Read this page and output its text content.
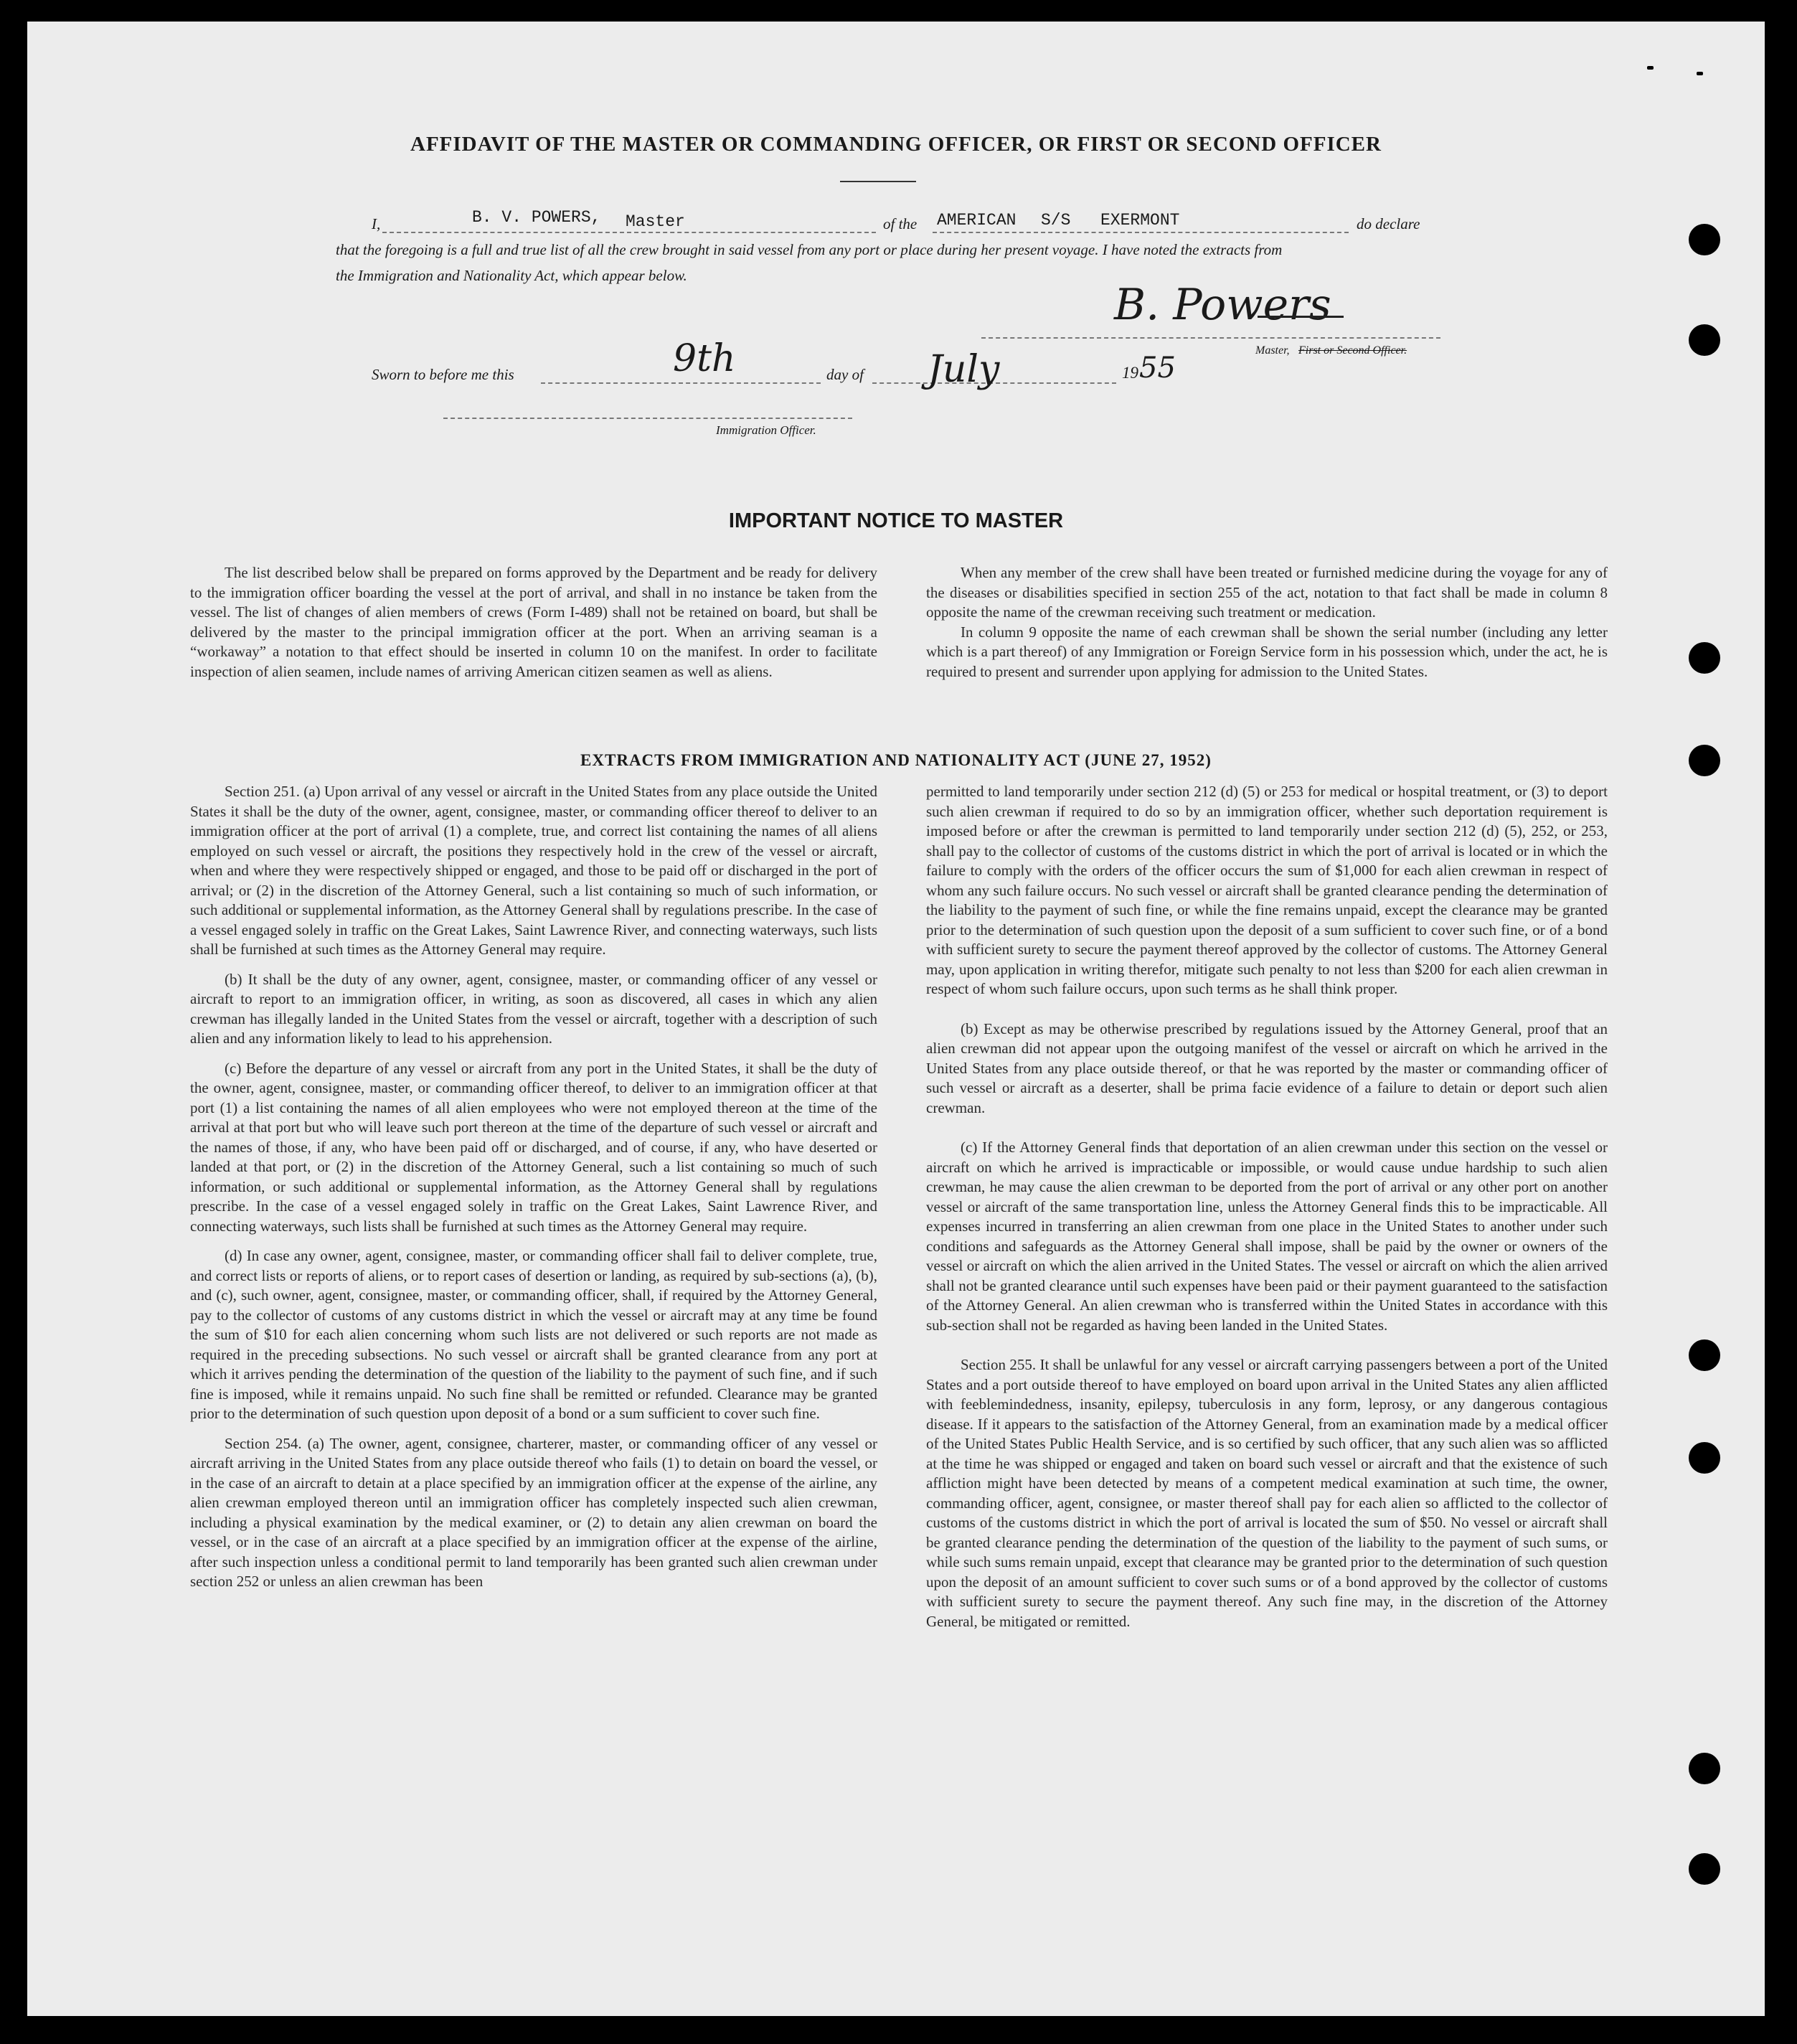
AFFIDAVIT OF THE MASTER OR COMMANDING OFFICER, OR FIRST OR SECOND OFFICER
I,	B. V. POWERS, Master	of the AMERICAN S/S EXERMONT	do declare
that the foregoing is a full and true list of all the crew brought in said vessel from any port or place during her present voyage. I have noted the extracts from
the Immigration and Nationality Act, which appear below.
B. Powers
Master, First or Second Officer.
Sworn to before me this	9th	day of July	19 55
Immigration Officer.
IMPORTANT NOTICE TO MASTER

The list described below shall be prepared on forms approved by the Department and be ready for delivery to the immigration officer boarding the vessel at the port of arrival, and shall in no instance be taken from the vessel. The list of changes of alien members of crews (Form I-489) shall not be retained on board, but shall be delivered by the master to the principal immigration officer at the port. When an arriving seaman is a “workaway” a notation to that effect should be inserted in column 10 on the manifest. In order to facilitate inspection of alien seamen, include names of arriving American citizen seamen as well as aliens.

When any member of the crew shall have been treated or furnished medicine during the voyage for any of the diseases or disabilities specified in section 255 of the act, notation to that fact shall be made in column 8 opposite the name of the crewman receiving such treatment or medication.

In column 9 opposite the name of each crewman shall be shown the serial number (including any letter which is a part thereof) of any Immigration or Foreign Service form in his possession which, under the act, he is required to present and surrender upon applying for admission to the United States.

EXTRACTS FROM IMMIGRATION AND NATIONALITY ACT (JUNE 27, 1952)

Section 251. (a) Upon arrival of any vessel or aircraft in the United States from any place outside the United States it shall be the duty of the owner, agent, consignee, master, or commanding officer thereof to deliver to an immigration officer at the port of arrival (1) a complete, true, and correct list containing the names of all aliens employed on such vessel or aircraft, the positions they respectively hold in the crew of the vessel or aircraft, when and where they were respectively shipped or engaged, and those to be paid off or discharged in the port of arrival; or (2) in the discretion of the Attorney General, such a list containing so much of such information, or such additional or supplemental information, as the Attorney General shall by regulations prescribe. In the case of a vessel engaged solely in traffic on the Great Lakes, Saint Lawrence River, and connecting waterways, such lists shall be furnished at such times as the Attorney General may require.

(b) It shall be the duty of any owner, agent, consignee, master, or commanding officer of any vessel or aircraft to report to an immigration officer, in writing, as soon as discovered, all cases in which any alien crewman has illegally landed in the United States from the vessel or aircraft, together with a description of such alien and any information likely to lead to his apprehension.

(c) Before the departure of any vessel or aircraft from any port in the United States, it shall be the duty of the owner, agent, consignee, master, or commanding officer thereof, to deliver to an immigration officer at that port (1) a list containing the names of all alien employees who were not employed thereon at the time of the arrival at that port but who will leave such port thereon at the time of the departure of such vessel or aircraft and the names of those, if any, who have been paid off or discharged, and of course, if any, who have deserted or landed at that port, or (2) in the discretion of the Attorney General, such a list containing so much of such information, or such additional or supplemental information, as the Attorney General shall by regulations prescribe. In the case of a vessel engaged solely in traffic on the Great Lakes, Saint Lawrence River, and connecting waterways, such lists shall be furnished at such times as the Attorney General may require.

(d) In case any owner, agent, consignee, master, or commanding officer shall fail to deliver complete, true, and correct lists or reports of aliens, or to report cases of desertion or landing, as required by sub-sections (a), (b), and (c), such owner, agent, consignee, master, or commanding officer, shall, if required by the Attorney General, pay to the collector of customs of any customs district in which the vessel or aircraft may at any time be found the sum of $10 for each alien concerning whom such lists are not delivered or such reports are not made as required in the preceding subsections. No such vessel or aircraft shall be granted clearance from any port at which it arrives pending the determination of the question of the liability to the payment of such fine, and if such fine is imposed, while it remains unpaid. No such fine shall be remitted or refunded. Clearance may be granted prior to the determination of such question upon deposit of a bond or a sum sufficient to cover such fine.

Section 254. (a) The owner, agent, consignee, charterer, master, or commanding officer of any vessel or aircraft arriving in the United States from any place outside thereof who fails (1) to detain on board the vessel, or in the case of an aircraft to detain at a place specified by an immigration officer at the expense of the airline, any alien crewman employed thereon until an immigration officer has completely inspected such alien crewman, including a physical examination by the medical examiner, or (2) to detain any alien crewman on board the vessel, or in the case of an aircraft at a place specified by an immigration officer at the expense of the airline, after such inspection unless a conditional permit to land temporarily has been granted such alien crewman under section 252 or unless an alien crewman has been

permitted to land temporarily under section 212 (d) (5) or 253 for medical or hospital treatment, or (3) to deport such alien crewman if required to do so by an immigration officer, whether such deportation requirement is imposed before or after the crewman is permitted to land temporarily under section 212 (d) (5), 252, or 253, shall pay to the collector of customs of the customs district in which the port of arrival is located or in which the failure to comply with the orders of the officer occurs the sum of $1,000 for each alien crewman in respect of whom any such failure occurs. No such vessel or aircraft shall be granted clearance pending the determination of the liability to the payment of such fine, or while the fine remains unpaid, except the clearance may be granted prior to the determination of such question upon the deposit of a sum sufficient to cover such fine, or of a bond with sufficient surety to secure the payment thereof approved by the collector of customs. The Attorney General may, upon application in writing therefor, mitigate such penalty to not less than $200 for each alien crewman in respect of whom such failure occurs, upon such terms as he shall think proper.

(b) Except as may be otherwise prescribed by regulations issued by the Attorney General, proof that an alien crewman did not appear upon the outgoing manifest of the vessel or aircraft on which he arrived in the United States from any place outside thereof, or that he was reported by the master or commanding officer of such vessel or aircraft as a deserter, shall be prima facie evidence of a failure to detain or deport such alien crewman.

(c) If the Attorney General finds that deportation of an alien crewman under this section on the vessel or aircraft on which he arrived is impracticable or impossible, or would cause undue hardship to such alien crewman, he may cause the alien crewman to be deported from the port of arrival or any other port on another vessel or aircraft of the same transportation line, unless the Attorney General finds this to be impracticable. All expenses incurred in transferring an alien crewman from one place in the United States to another under such conditions and safeguards as the Attorney General shall impose, shall be paid by the owner or owners of the vessel or aircraft on which the alien arrived in the United States. The vessel or aircraft on which the alien arrived shall not be granted clearance until such expenses have been paid or their payment guaranteed to the satisfaction of the Attorney General. An alien crewman who is transferred within the United States in accordance with this sub-section shall not be regarded as having been landed in the United States.

Section 255. It shall be unlawful for any vessel or aircraft carrying passengers between a port of the United States and a port outside thereof to have employed on board upon arrival in the United States any alien afflicted with feeblemindedness, insanity, epilepsy, tuberculosis in any form, leprosy, or any dangerous contagious disease. If it appears to the satisfaction of the Attorney General, from an examination made by a medical officer of the United States Public Health Service, and is so certified by such officer, that any such alien was so afflicted at the time he was shipped or engaged and taken on board such vessel or aircraft and that the existence of such affliction might have been detected by means of a competent medical examination at such time, the owner, commanding officer, agent, consignee, or master thereof shall pay for each alien so afflicted to the collector of customs of the customs district in which the port of arrival is located the sum of $50. No vessel or aircraft shall be granted clearance pending the determination of the question of the liability to the payment of such sums, or while such sums remain unpaid, except that clearance may be granted prior to the determination of such question upon the deposit of an amount sufficient to cover such sums or of a bond approved by the collector of customs with sufficient surety to secure the payment thereof. Any such fine may, in the discretion of the Attorney General, be mitigated or remitted.
